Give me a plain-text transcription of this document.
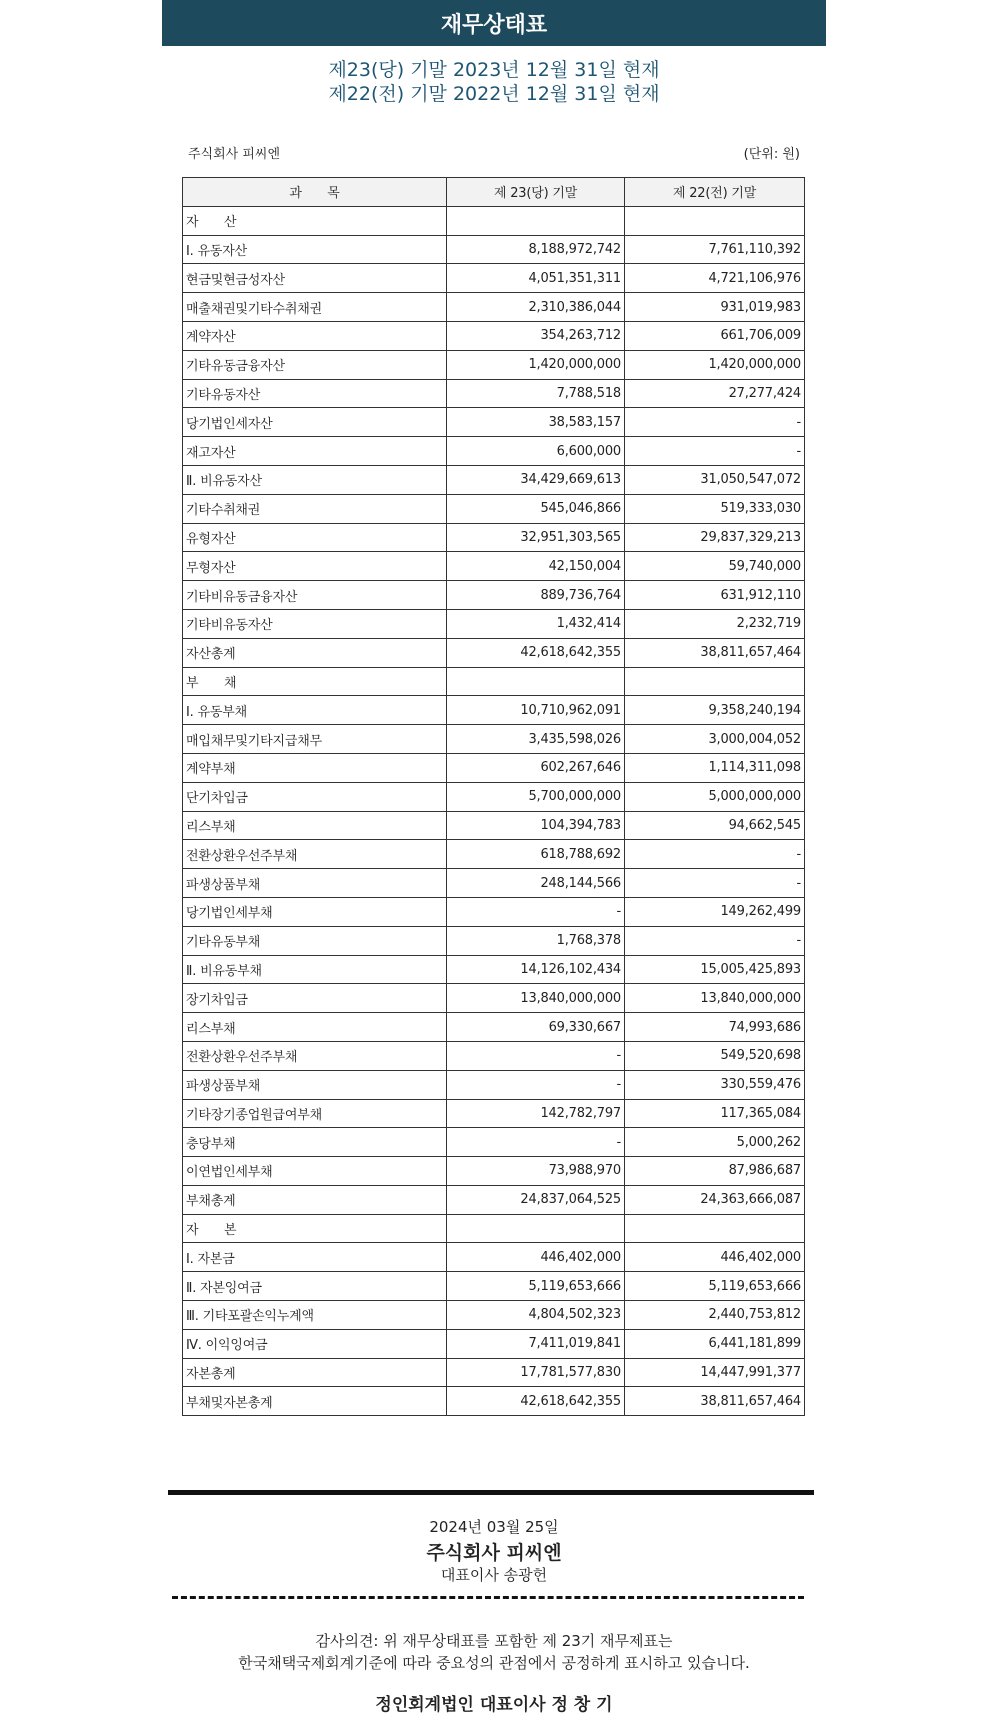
재무상태표
제23(당) 기말 2023년 12월 31일 현재
제22(전) 기말 2022년 12월 31일 현재
주식회사 피씨엔	(단위: 원)
과　　목	제 23(당) 기말	제 22(전) 기말
자　　산		
Ⅰ. 유동자산	8,188,972,742	7,761,110,392
현금및현금성자산	4,051,351,311	4,721,106,976
매출채권및기타수취채권	2,310,386,044	931,019,983
계약자산	354,263,712	661,706,009
기타유동금융자산	1,420,000,000	1,420,000,000
기타유동자산	7,788,518	27,277,424
당기법인세자산	38,583,157	-
재고자산	6,600,000	-
Ⅱ. 비유동자산	34,429,669,613	31,050,547,072
기타수취채권	545,046,866	519,333,030
유형자산	32,951,303,565	29,837,329,213
무형자산	42,150,004	59,740,000
기타비유동금융자산	889,736,764	631,912,110
기타비유동자산	1,432,414	2,232,719
자산총계	42,618,642,355	38,811,657,464
부　　채		
Ⅰ. 유동부채	10,710,962,091	9,358,240,194
매입채무및기타지급채무	3,435,598,026	3,000,004,052
계약부채	602,267,646	1,114,311,098
단기차입금	5,700,000,000	5,000,000,000
리스부채	104,394,783	94,662,545
전환상환우선주부채	618,788,692	-
파생상품부채	248,144,566	-
당기법인세부채	-	149,262,499
기타유동부채	1,768,378	-
Ⅱ. 비유동부채	14,126,102,434	15,005,425,893
장기차입금	13,840,000,000	13,840,000,000
리스부채	69,330,667	74,993,686
전환상환우선주부채	-	549,520,698
파생상품부채	-	330,559,476
기타장기종업원급여부채	142,782,797	117,365,084
충당부채	-	5,000,262
이연법인세부채	73,988,970	87,986,687
부채총계	24,837,064,525	24,363,666,087
자　　본		
Ⅰ. 자본금	446,402,000	446,402,000
Ⅱ. 자본잉여금	5,119,653,666	5,119,653,666
Ⅲ. 기타포괄손익누계액	4,804,502,323	2,440,753,812
Ⅳ. 이익잉여금	7,411,019,841	6,441,181,899
자본총계	17,781,577,830	14,447,991,377
부채및자본총계	42,618,642,355	38,811,657,464
2024년 03월 25일
주식회사 피씨엔
대표이사 송광헌
감사의견: 위 재무상태표를 포함한 제 23기 재무제표는
한국채택국제회계기준에 따라 중요성의 관점에서 공정하게 표시하고 있습니다.
정인회계법인 대표이사 정 창 기
